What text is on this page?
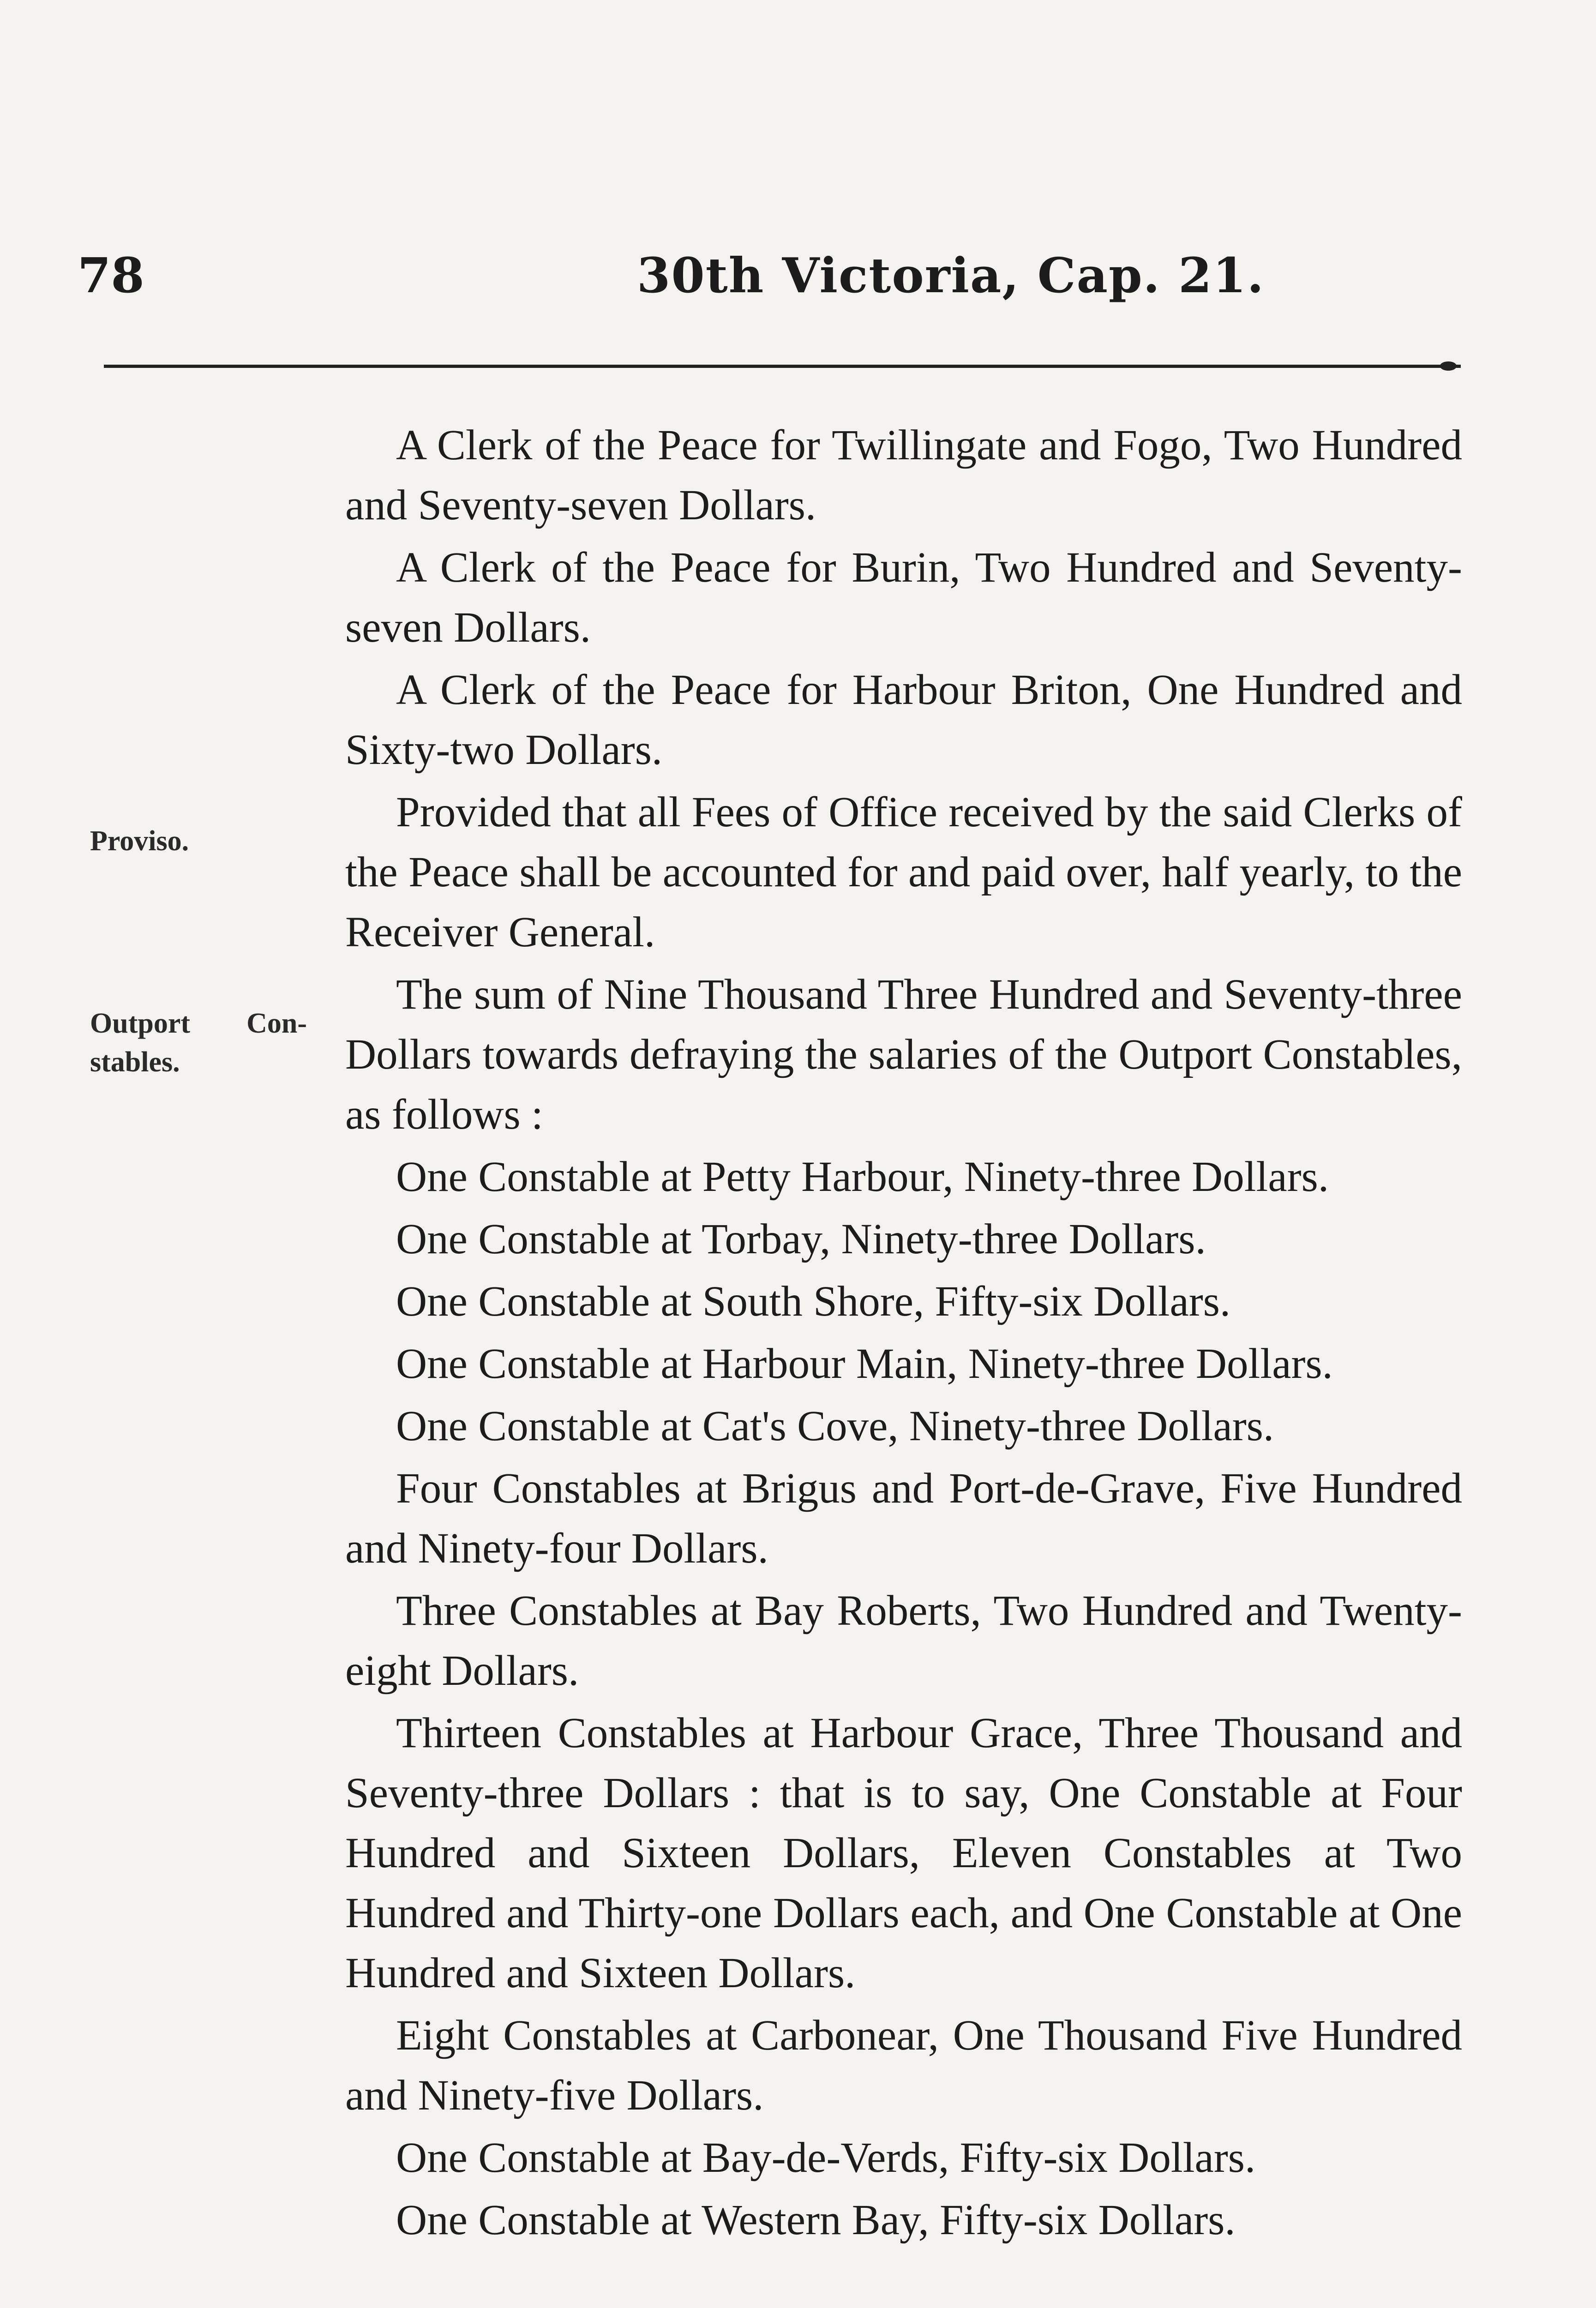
78	30th Victoria, Cap. 21.
Proviso.
Outport Con-stables.

A Clerk of the Peace for Twillingate and Fogo, Two Hundred and Seventy-seven Dollars.

A Clerk of the Peace for Burin, Two Hundred and Seventy-seven Dollars.

A Clerk of the Peace for Harbour Briton, One Hundred and Sixty-two Dollars.

Provided that all Fees of Office received by the said Clerks of the Peace shall be accounted for and paid over, half yearly, to the Receiver General.

The sum of Nine Thousand Three Hundred and Seventy-three Dollars towards defraying the salaries of the Outport Constables, as follows :

One Constable at Petty Harbour, Ninety-three Dollars.

One Constable at Torbay, Ninety-three Dollars.

One Constable at South Shore, Fifty-six Dollars.

One Constable at Harbour Main, Ninety-three Dollars.

One Constable at Cat's Cove, Ninety-three Dollars.

Four Constables at Brigus and Port-de-Grave, Five Hundred and Ninety-four Dollars.

Three Constables at Bay Roberts, Two Hundred and Twenty-eight Dollars.

Thirteen Constables at Harbour Grace, Three Thousand and Seventy-three Dollars : that is to say, One Constable at Four Hundred and Sixteen Dollars, Eleven Constables at Two Hundred and Thirty-one Dollars each, and One Constable at One Hundred and Sixteen Dollars.

Eight Constables at Carbonear, One Thousand Five Hundred and Ninety-five Dollars.

One Constable at Bay-de-Verds, Fifty-six Dollars.

One Constable at Western Bay, Fifty-six Dollars.
